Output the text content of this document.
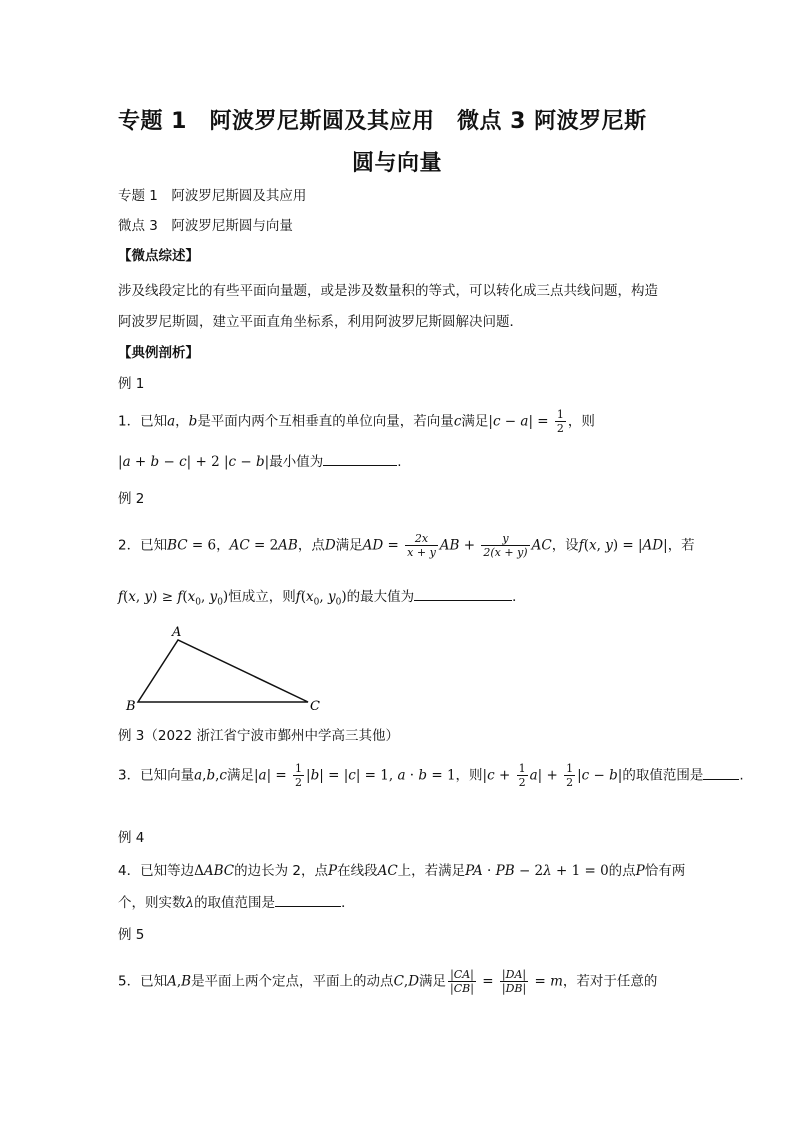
专题 1　阿波罗尼斯圆及其应用　微点 3 阿波罗尼斯
圆与向量
专题 1　阿波罗尼斯圆及其应用
微点 3　阿波罗尼斯圆与向量
【微点综述】
涉及线段定比的有些平面向量题，或是涉及数量积的等式，可以转化成三点共线问题，构造
阿波罗尼斯圆，建立平面直角坐标系，利用阿波罗尼斯圆解决问题．
【典例剖析】
例 1
1．已知a，b是平面内两个互相垂直的单位向量，若向量c满足$|c - a| = \frac{1}{2}$ ，则
|a + b − c| + 2 |c − b|最小值为	.
例 2
2．已知BC = 6，AC = 2AB，点D满足AD = $\frac{2x}{x + y}$ AB + $\frac{y}{2(x + y)}$ AC，设f(x, y) = |AD|，若
f(x, $y) \ge f(x_0$, $y_0$)恒成立，则$f(x_0$, $y_0$)的最大值为	．
A
B	C
例 3（2022 浙江省宁波市鄞州中学高三其他）
3．已知向量a,b,c满足$|a| = \frac{1}{2} |b| = |c| = 1$, a · b = 1，则$|c + \frac{1}{2} a| + \frac{1}{2} |c - b|$的取值范围是	.
例 4
4．已知等边ΔABC的边长为 2，点P在线段AC上，若满足PA · PB − 2λ + 1 = 0的点P恰有两
个，则实数λ的取值范围是	．
例 5
5．已知A,B是平面上两个定点，平面上的动点C,D满足 $\frac{|CA|}{|CB|} = \frac{|DA|}{|DB|} = m$，若对于任意的
